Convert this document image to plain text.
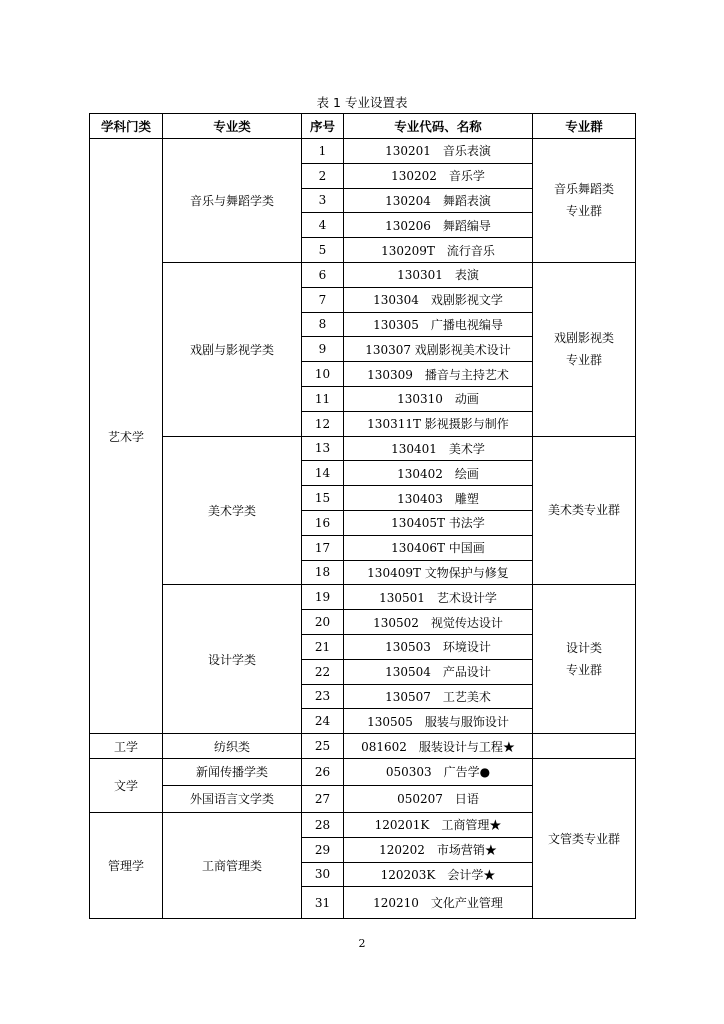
表 1 专业设置表
学科门类	专业类	序号	专业代码、名称	专业群
艺术学	音乐与舞蹈学类	1	130201　音乐表演	音乐舞蹈类
专业群
		2	130202　音乐学	
		3	130204　舞蹈表演	
		4	130206　舞蹈编导	
		5	130209T　流行音乐	
	戏剧与影视学类	6	130301　表演	戏剧影视类
专业群
		7	130304　戏剧影视文学	
		8	130305　广播电视编导	
		9	130307 戏剧影视美术设计	
		10	130309　播音与主持艺术	
		11	130310　动画	
		12	130311T 影视摄影与制作	
	美术学类	13	130401　美术学	美术类专业群
		14	130402　绘画	
		15	130403　雕塑	
		16	130405T 书法学	
		17	130406T 中国画	
		18	130409T 文物保护与修复	
	设计学类	19	130501　艺术设计学	设计类
专业群
		20	130502　视觉传达设计	
		21	130503　环境设计	
		22	130504　产品设计	
		23	130507　工艺美术	
		24	130505　服装与服饰设计	
工学	纺织类	25	081602　服装设计与工程★	
文学	新闻传播学类	26	050303　广告学●	文管类专业群
	外国语言文学类	27	050207　日语	
管理学	工商管理类	28	120201K　工商管理★	
		29	120202　市场营销★	
		30	120203K　会计学★	
		31	120210　文化产业管理	
2
